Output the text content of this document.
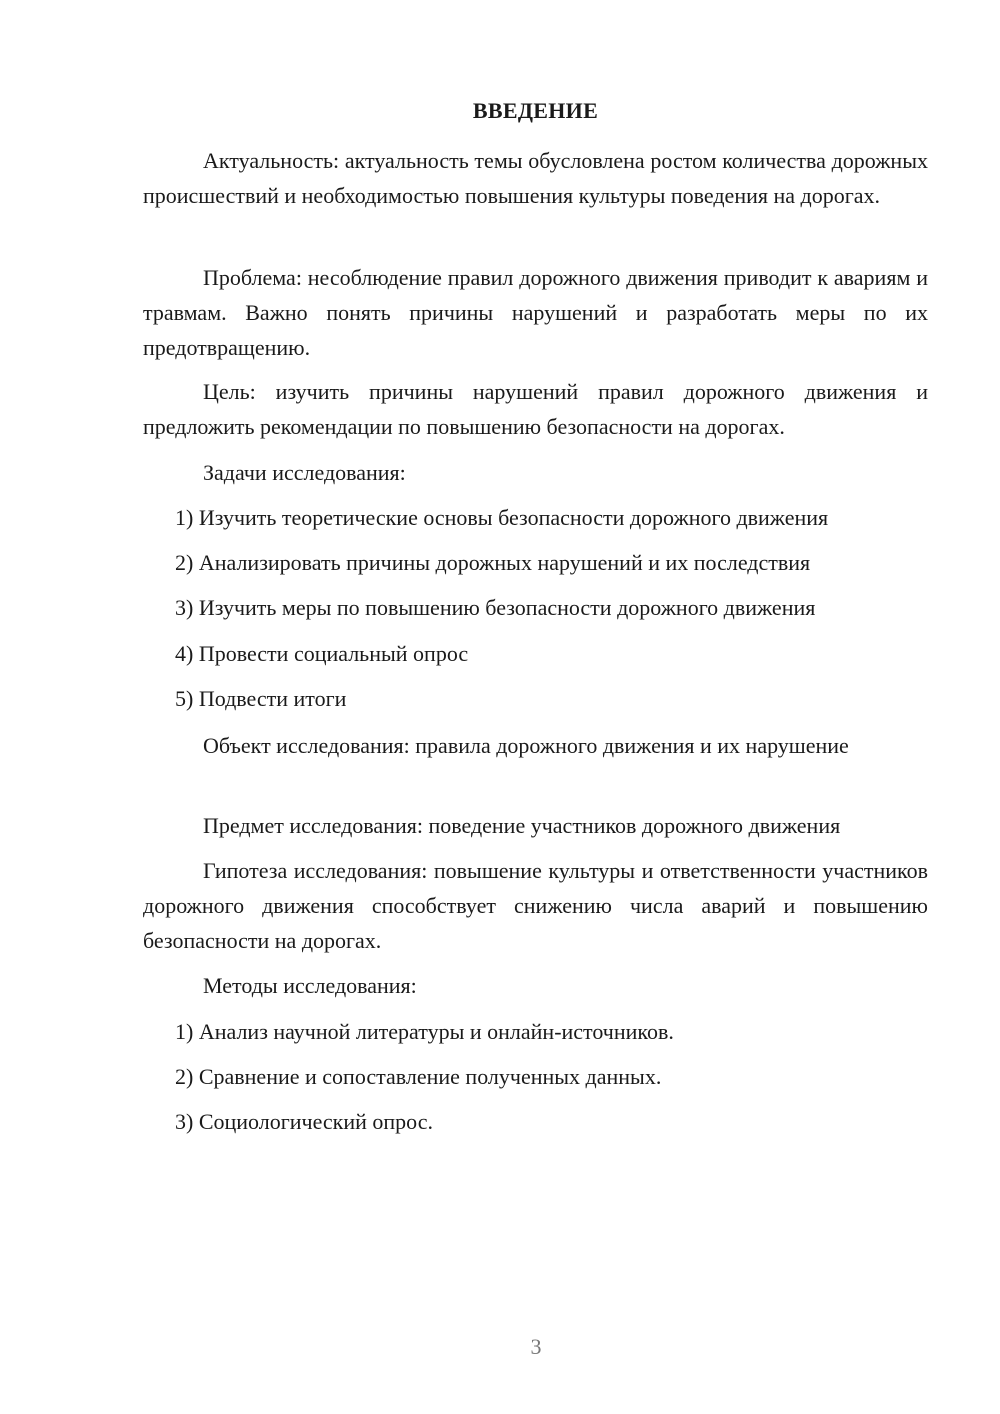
ВВЕДЕНИЕ

Актуальность: актуальность темы обусловлена ростом количества дорожных происшествий и необходимостью повышения культуры поведения на дорогах.

Проблема: несоблюдение правил дорожного движения приводит к авариям и травмам. Важно понять причины нарушений и разработать меры по их предотвращению.

Цель: изучить причины нарушений правил дорожного движения и предложить рекомендации по повышению безопасности на дорогах.

Задачи исследования:

1) Изучить теоретические основы безопасности дорожного движения

2) Анализировать причины дорожных нарушений и их последствия

3) Изучить меры по повышению безопасности дорожного движения

4) Провести социальный опрос

5) Подвести итоги

Объект исследования: правила дорожного движения и их нарушение

Предмет исследования: поведение участников дорожного движения

Гипотеза исследования: повышение культуры и ответственности участников дорожного движения способствует снижению числа аварий и повышению безопасности на дорогах.

Методы исследования:

1) Анализ научной литературы и онлайн-источников.

2) Сравнение и сопоставление полученных данных.

3) Социологический опрос.

3
